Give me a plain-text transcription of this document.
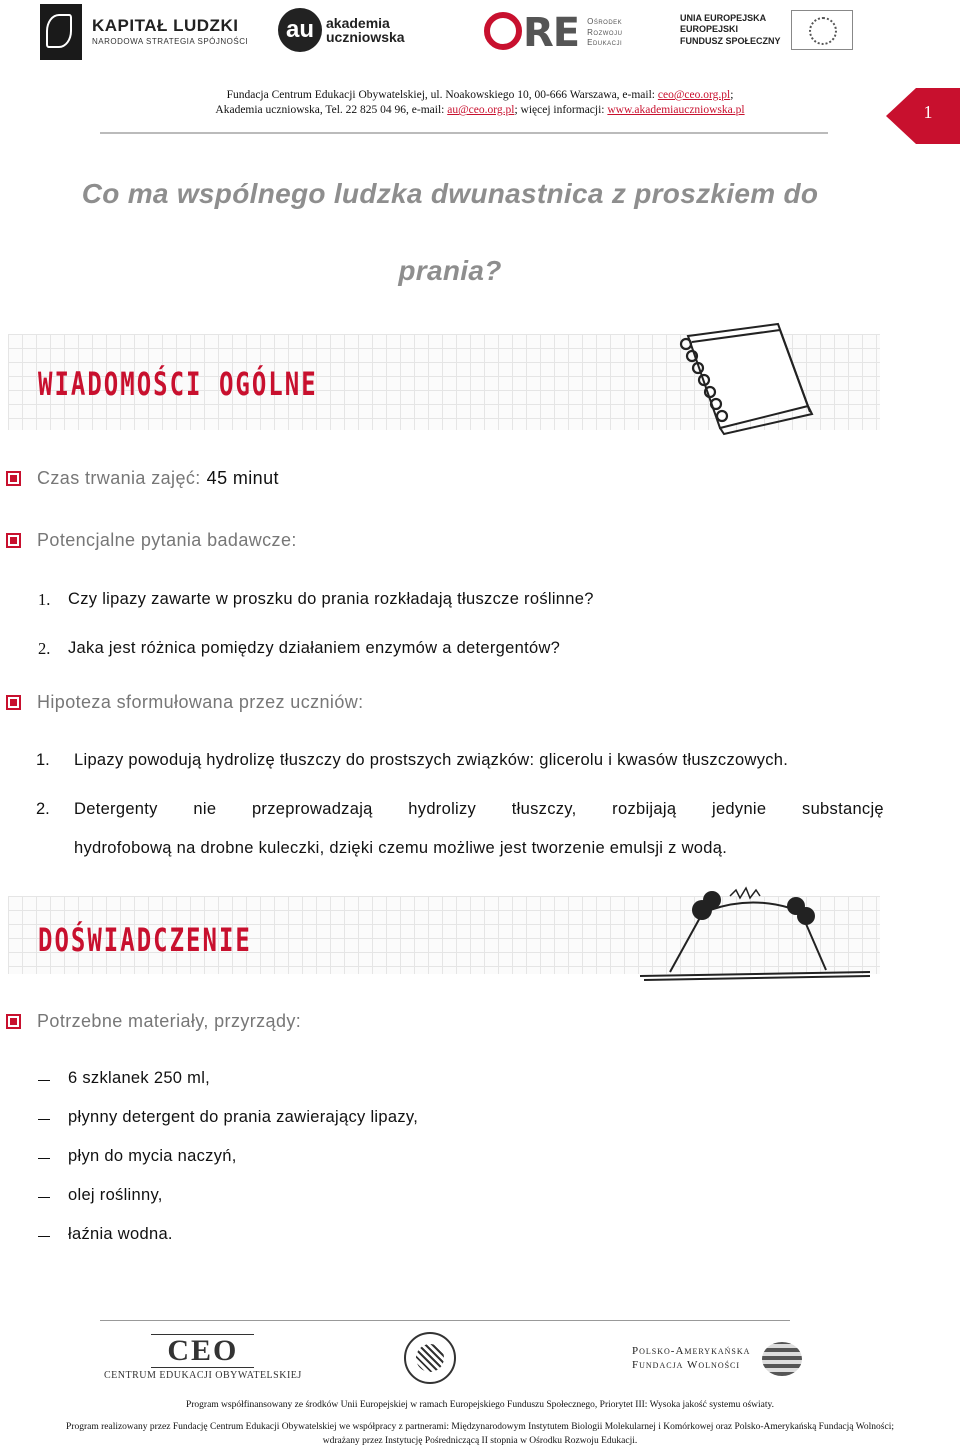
KAPITAŁ LUDZKI
NARODOWA STRATEGIA SPÓJNOŚCI	au akademia
uczniowska	RE Ośrodek
Rozwoju
Edukacji
UNIA EUROPEJSKA
EUROPEJSKI
FUNDUSZ SPOŁECZNY
Fundacja Centrum Edukacji Obywatelskiej, ul. Noakowskiego 10, 00-666 Warszawa, e-mail: ceo@ceo.org.pl;
Akademia uczniowska, Tel. 22 825 04 96, e-mail: au@ceo.org.pl; więcej informacji: www.akademiauczniowska.pl	1
Co ma wspólnego ludzka dwunastnica z proszkiem do
prania?
WIADOMOŚCI OGÓLNE
Czas trwania zajęć: 45 minut
Potencjalne pytania badawcze:
1. Czy lipazy zawarte w proszku do prania rozkładają tłuszcze roślinne?
2. Jaka jest różnica pomiędzy działaniem enzymów a detergentów?
Hipoteza sformułowana przez uczniów:
1. Lipazy powodują hydrolizę tłuszczy do prostszych związków: glicerolu i kwasów tłuszczowych.
2. Detergenty nie przeprowadzają hydrolizy tłuszczy, rozbijają jedynie substancję
hydrofobową na drobne kuleczki, dzięki czemu możliwe jest tworzenie emulsji z wodą.
DOŚWIADCZENIE
Potrzebne materiały, przyrządy:
6 szklanek 250 ml,
płynny detergent do prania zawierający lipazy,
płyn do mycia naczyń,
olej roślinny,
łaźnia wodna.
CEO
CENTRUM EDUKACJI OBYWATELSKIEJ
Polsko-Amerykańska
Fundacja Wolności
Program współfinansowany ze środków Unii Europejskiej w ramach Europejskiego Funduszu Społecznego, Priorytet III: Wysoka jakość systemu oświaty.
Program realizowany przez Fundację Centrum Edukacji Obywatelskiej we współpracy z partnerami: Międzynarodowym Instytutem Biologii Molekularnej i Komórkowej oraz Polsko-Amerykańską Fundacją Wolności;
wdrażany przez Instytucję Pośredniczącą II stopnia w Ośrodku Rozwoju Edukacji.
